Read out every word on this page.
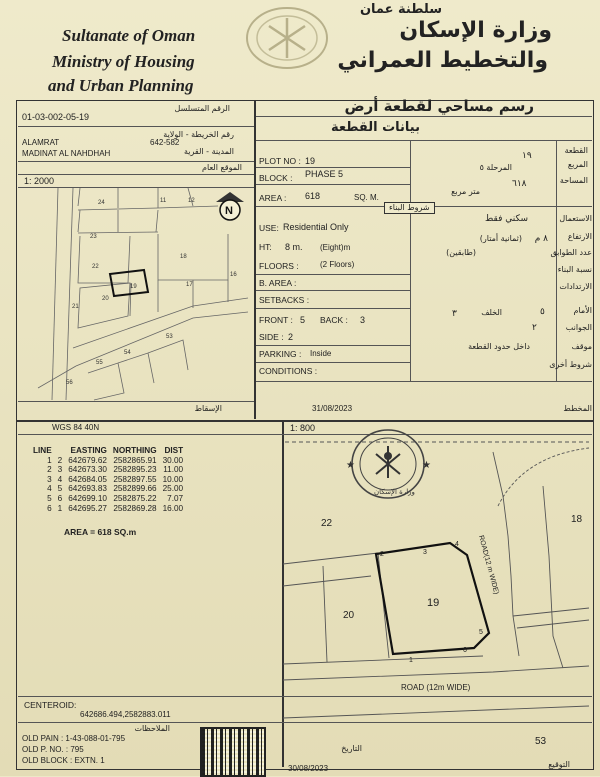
Sultanate of Oman
Ministry of Housing
and Urban Planning
سلطنة عمان
وزارة الإسكان
والتخطيط العمراني
01-03-002-05-19
الرقم المتسلسل
ALAMRAT	642-582
رقم الخريطة - الولاية
MADINAT AL NAHDHAH	المدينة - القرية
الموقع العام
1: 2000
24	11	12
23
18
22
16
17
21
20
19
53
55
54
56
N
الإسقاط	31/08/2023
رسم مساحي لقطعة أرض
بيانات القطعة
PLOT NO : 19
BLOCK : PHASE 5
AREA : 618	SQ. M.
١٩	القطعة
المرحلة ٥	المربع
٦١٨	المساحة
متر مربع
شروط البناء
USE: Residential Only
HT: 8 m. (Eight)m
FLOORS :	(2 Floors)
B. AREA :
SETBACKS :
FRONT : 5 BACK : 3
SIDE : 2
PARKING : Inside
CONDITIONS :
سكني فقط	الاستعمال
٨ م
(ثمانية أمتار)	الارتفاع
(طابقين)	عدد الطوابق
نسبة البناء
الارتدادات
٥	الأمام
٣	الخلف
٢	الجوانب
داخل حدود القطعة	موقف
شروط أخرى
المخطط
WGS 84 40N	1: 800
LINE		EASTING	NORTHING	DIST
1	2	642679.62	2582865.91	30.00
2	3	642673.30	2582895.23	11.00
3	4	642684.05	2582897.55	10.00
4	5	642693.83	2582899.66	25.00
5	6	642699.10	2582875.22	7.07
6	1	642695.27	2582869.28	16.00
AREA = 618 SQ.m
★	★
وزارة الإسكان
22
20
18
53
19
1
2	3
4
5
6
ROAD (12m WIDE)
ROAD(12 m WIDE)
CENTEROID:
642686.494,2582883.011
الملاحظات
OLD PAIN : 1-43-088-01-795
OLD P. NO. : 795
OLD BLOCK : EXTN. 1
التاريخ
30/08/2023	التوقيع
